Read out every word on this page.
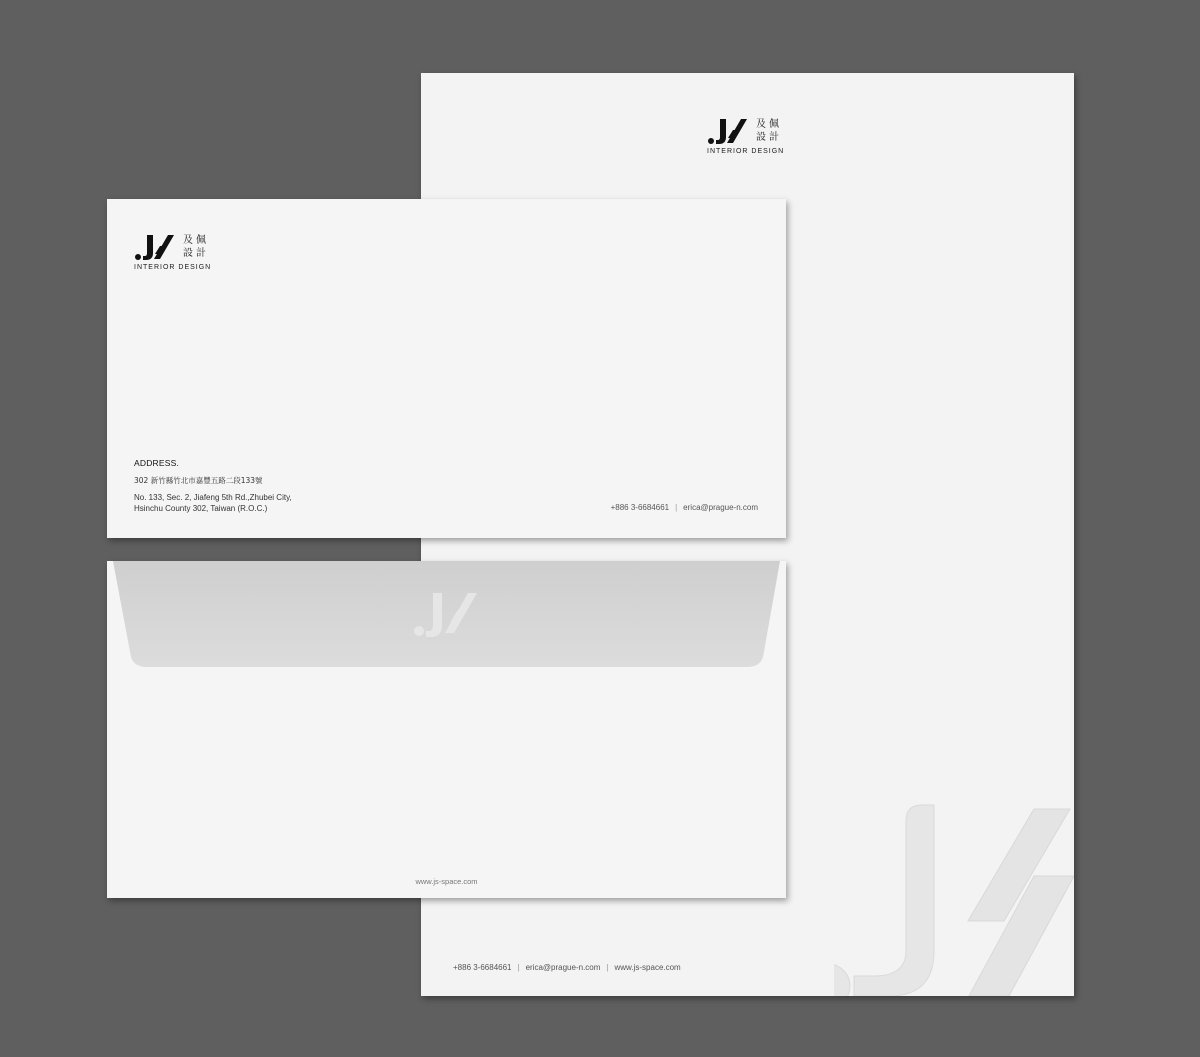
及佩
設計
INTERIOR DESIGN
+886 3-6684661 | erica@prague-n.com | www.js-space.com
及佩
設計
INTERIOR DESIGN
ADDRESS.
302 新竹縣竹北市嘉豐五路二段133號
No. 133, Sec. 2, Jiafeng 5th Rd.,Zhubei City,
Hsinchu County 302, Taiwan (R.O.C.)	+886 3-6684661 | erica@prague-n.com
www.js-space.com
